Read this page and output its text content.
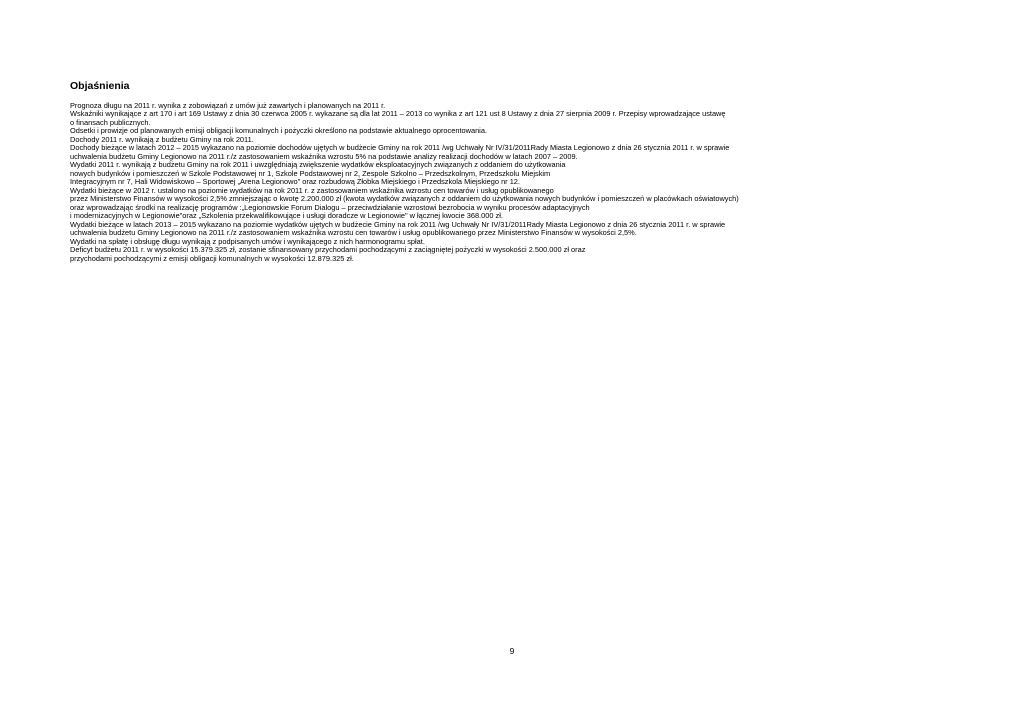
Objaśnienia
Prognoza długu na 2011 r. wynika z zobowiązań z umów już zawartych i planowanych na 2011 r.
Wskaźniki wynikające z art 170 i art 169 Ustawy z dnia 30 czerwca 2005 r. wykazane są dla lat 2011 – 2013 co wynika z art 121 ust 8 Ustawy z dnia 27 sierpnia 2009 r. Przepisy wprowadzające ustawę
o finansach publicznych.
Odsetki i prowizje od planowanych emisji obligacji komunalnych i pożyczki określono na podstawie aktualnego oprocentowania.
Dochody 2011 r. wynikają z budżetu Gminy na rok 2011.
Dochody bieżące w latach 2012 – 2015 wykazano na poziomie dochodów ujętych w budżecie Gminy na rok 2011 /wg Uchwały Nr IV/31/2011Rady Miasta Legionowo z dnia 26 stycznia 2011 r. w sprawie
uchwalenia budżetu Gminy Legionowo na 2011 r./z zastosowaniem wskaźnika wzrostu 5% na podstawie analizy realizacji dochodów w latach 2007 – 2009.
Wydatki 2011 r. wynikają z budżetu Gminy na rok 2011 i uwzględniają zwiększenie wydatków eksploatacyjnych związanych z oddaniem do użytkowania
nowych budynków i pomieszczeń w Szkole Podstawowej nr 1, Szkole Podstawowej nr 2, Zespole Szkolno – Przedszkolnym, Przedszkolu Miejskim
Integracyjnym nr 7, Hali Widowiskowo – Sportowej „Arena Legionowo" oraz rozbudową Żłobka Miejskiego i Przedszkola Miejskiego nr 12.
Wydatki bieżące w 2012 r. ustalono na poziomie wydatków na rok 2011 r. z zastosowaniem wskaźnika wzrostu cen towarów i usług opublikowanego
przez Ministerstwo Finansów w wysokości 2,5% zmniejszając o kwotę 2.200.000 zł (kwota wydatków związanych z oddaniem do użytkowania nowych budynków i pomieszczeń w placówkach oświatowych)
oraz wprowadzając środki na realizację programów :„Legionowskie Forum Dialogu – przeciwdziałanie wzrostowi bezrobocia w wyniku procesów adaptacyjnych
i modernizacyjnych w Legionowie"oraz „Szkolenia przekwalifikowujące i usługi doradcze w Legionowie" w łącznej kwocie 368.000 zł.
Wydatki bieżące w latach 2013 – 2015 wykazano na poziomie wydatków ujętych w budżecie Gminy na rok 2011 /wg Uchwały Nr IV/31/2011Rady Miasta Legionowo z dnia 26 stycznia 2011 r. w sprawie
uchwalenia budżetu Gminy Legionowo na 2011 r./z zastosowaniem wskaźnika wzrostu cen towarów i usług opublikowanego przez Ministerstwo Finansów w wysokości 2,5%.
Wydatki na spłatę i obsługę długu wynikają z podpisanych umów i wynikającego z nich harmonogramu spłat.
Deficyt budżetu 2011 r. w wysokości 15.379.325 zł, zostanie sfinansowany przychodami pochodzącymi z zaciągniętej pożyczki w wysokości 2.500.000 zł oraz
przychodami pochodzącymi z emisji obligacji komunalnych w wysokości 12.879.325 zł.
9
